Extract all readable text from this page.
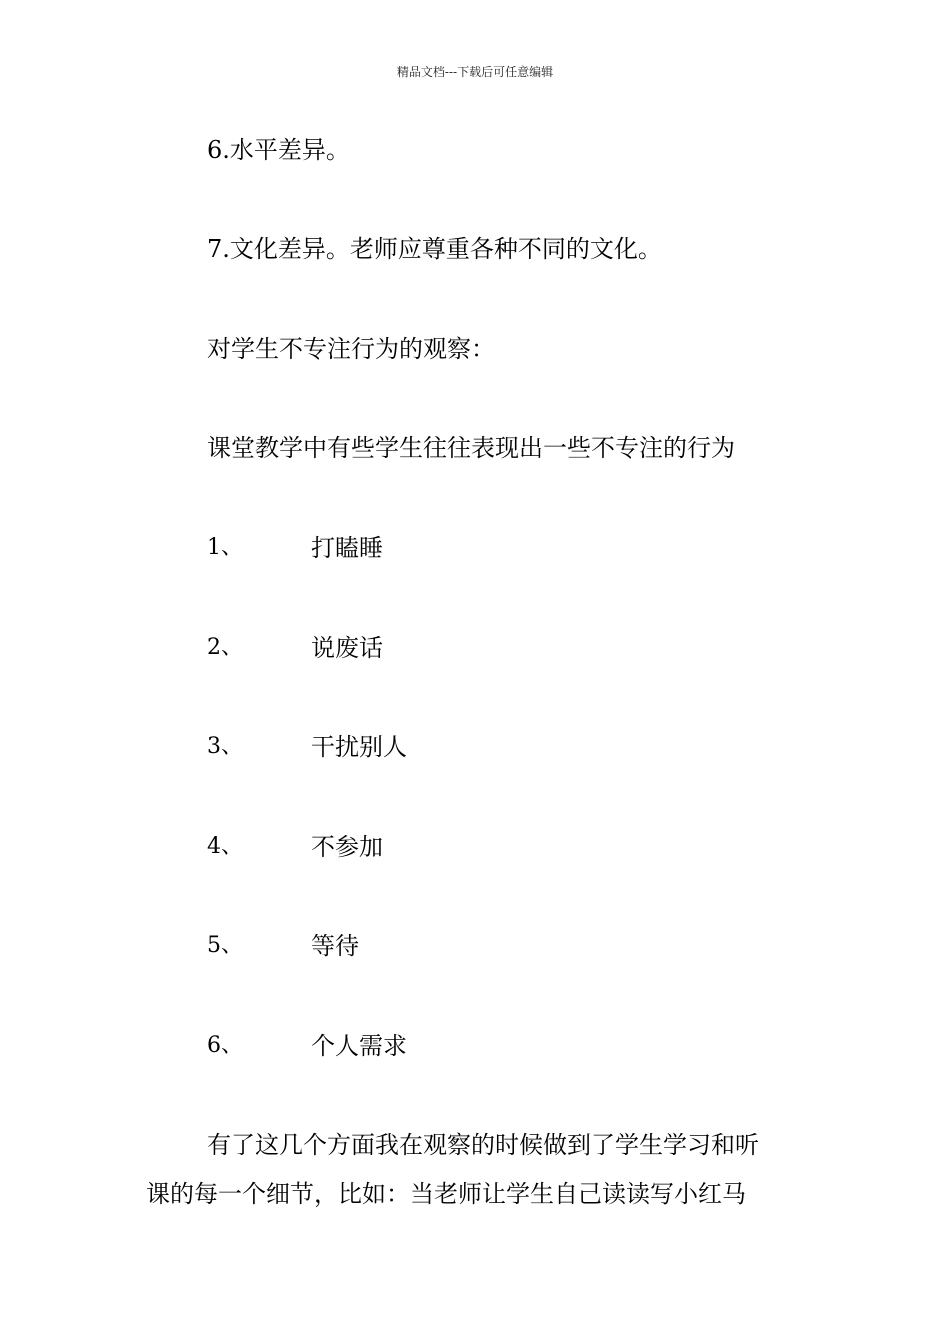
精品文档---下载后可任意编辑
6.水平差异。
7.文化差异。老师应尊重各种不同的文化。
对学生不专注行为的观察：
课堂教学中有些学生往往表现出一些不专注的行为
1、	打瞌睡
2、	说废话
3、	干扰别人
4、	不参加
5、	等待
6、	个人需求
有了这几个方面我在观察的时候做到了学生学习和听
课的每一个细节，比如：当老师让学生自己读读写小红马
